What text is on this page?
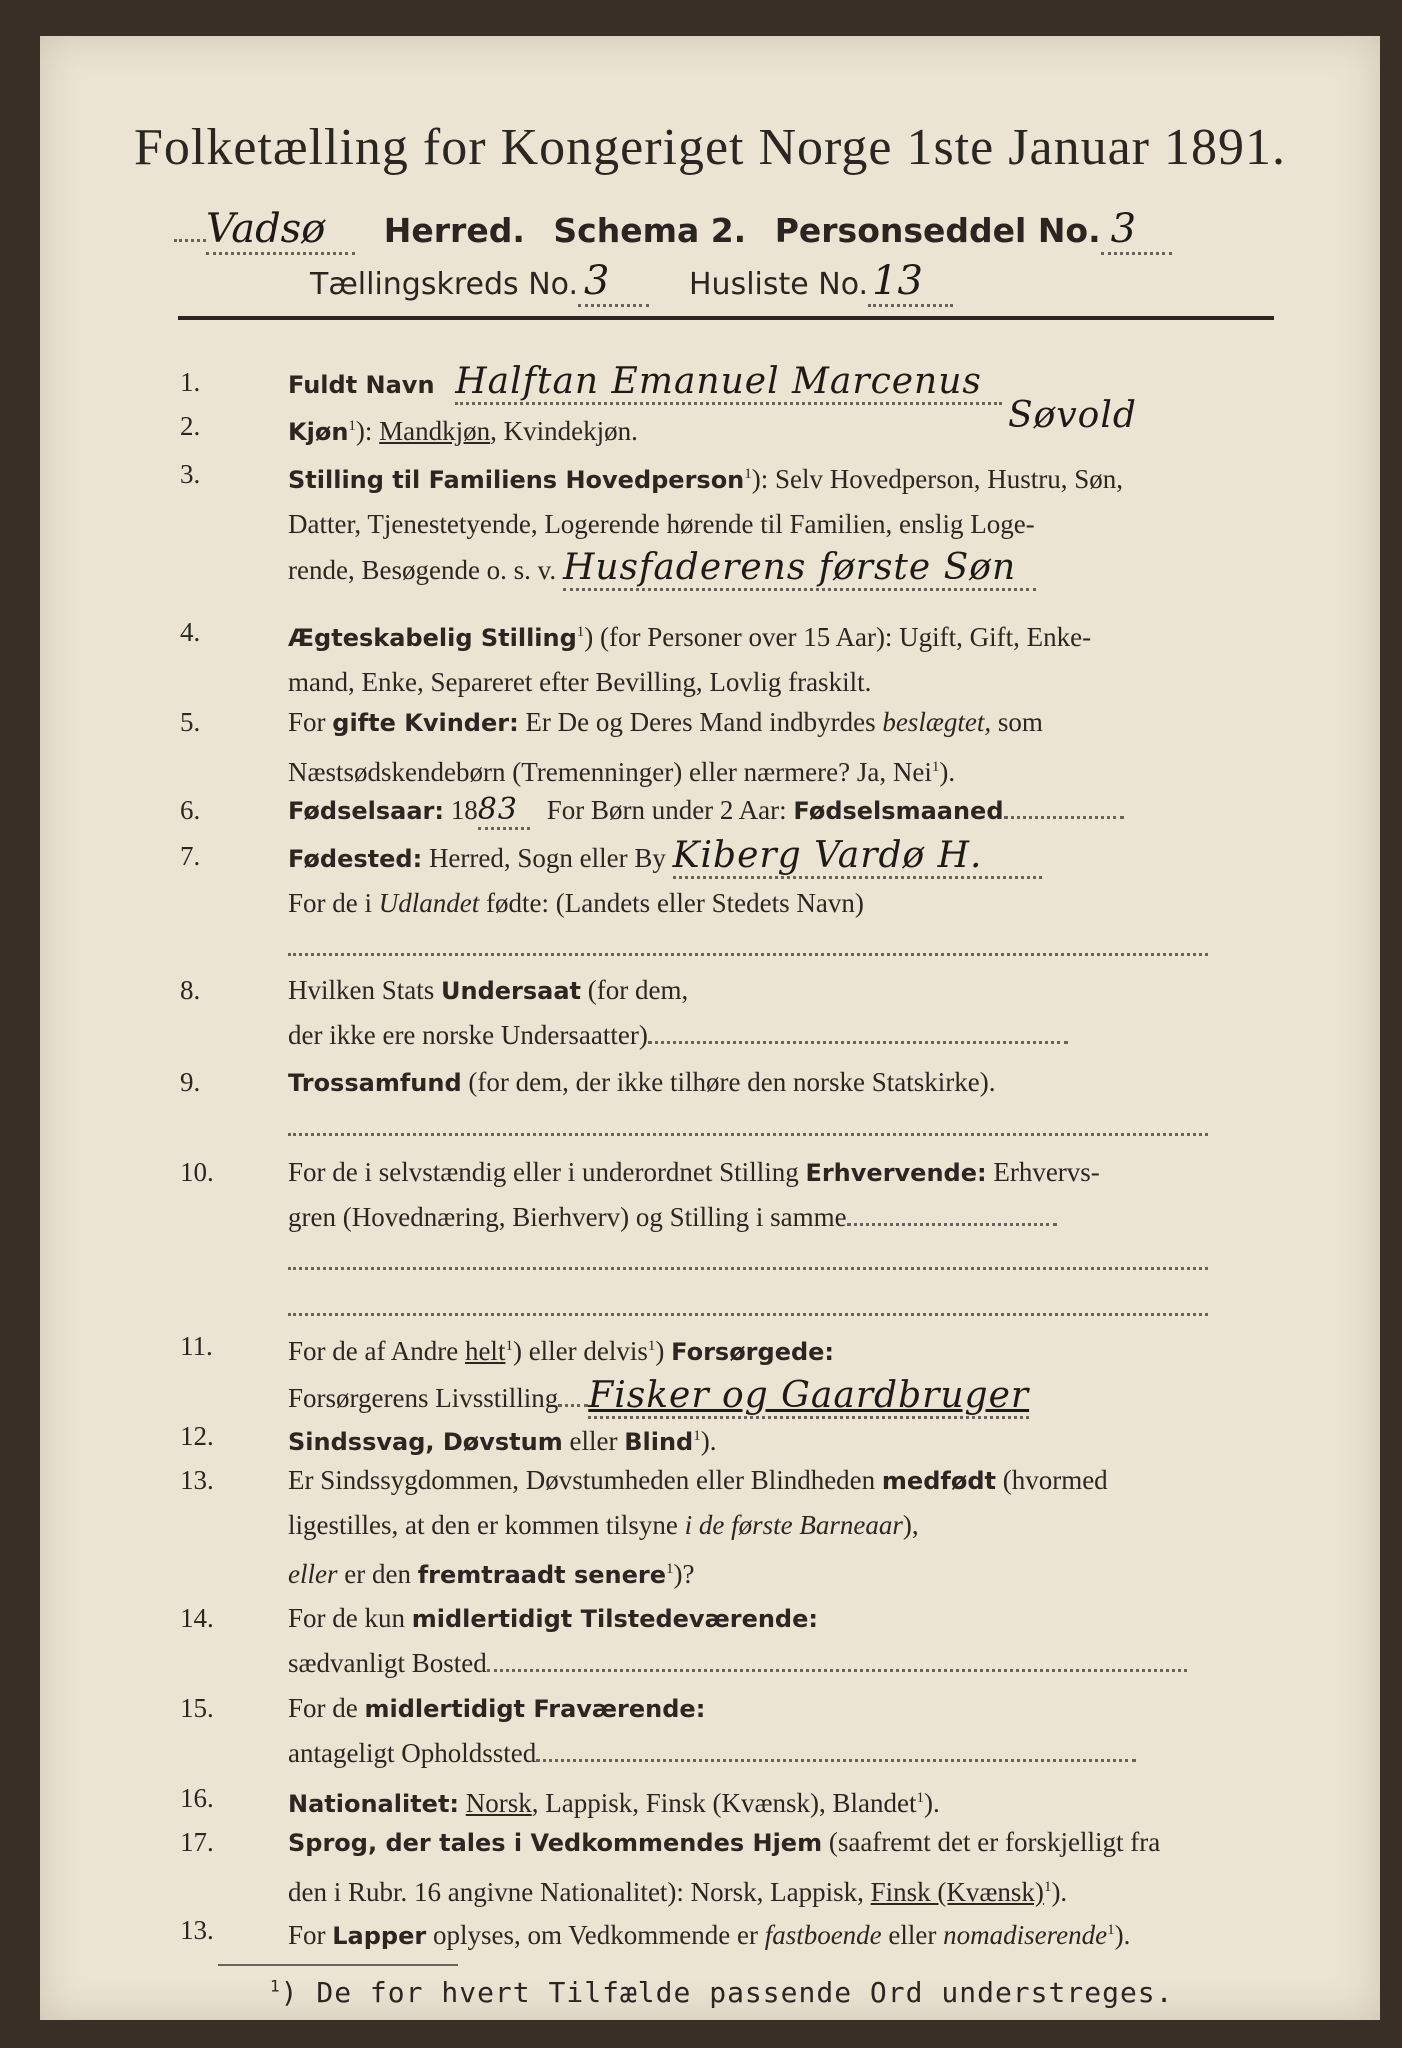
Folketælling for Kongeriget Norge 1ste Januar 1891.
Vadsø Herred. Schema 2. Personseddel No. 3
Tællingskreds No. 3	Husliste No. 13
1.	Fuldt Navn Halftan Emanuel Marcenus
2.	Kjøn$^1$): Mandkjøn, Kvindekjøn.	Søvold
3.	Stilling til Familiens Hovedperson$^1$): Selv Hovedperson, Hustru, Søn,
Datter, Tjenestetyende, Logerende hørende til Familien, enslig Loge-
rende, Besøgende o. s. v. Husfaderens første Søn
4.	Ægteskabelig Stilling$^1$) (for Personer over 15 Aar): Ugift, Gift, Enke-
mand, Enke, Separeret efter Bevilling, Lovlig fraskilt.
5.	For gifte Kvinder: Er De og Deres Mand indbyrdes beslægtet, som
Næstsødskendebørn (Tremenninger) eller nærmere? Ja, Nei$^1$).
6.	Fødselsaar: 1883 For Børn under 2 Aar: Fødselsmaaned
7.	Fødested: Herred, Sogn eller By Kiberg Vardø H.
For de i Udlandet fødte: (Landets eller Stedets Navn)
8.	Hvilken Stats Undersaat (for dem,
der ikke ere norske Undersaatter)
9.	Trossamfund (for dem, der ikke tilhøre den norske Statskirke).
10.	For de i selvstændig eller i underordnet Stilling Erhvervende: Erhvervs-
gren (Hovednæring, Bierhverv) og Stilling i samme

11.	For de af Andre helt$^1$) eller delvis$^1$) Forsørgede:
Forsørgerens Livsstilling Fisker og Gaardbruger
12.	Sindssvag, Døvstum eller Blind$^1$).
13.	Er Sindssygdommen, Døvstumheden eller Blindheden medfødt (hvormed
ligestilles, at den er kommen tilsyne i de første Barneaar),
eller er den fremtraadt senere$^1$)?
14.	For de kun midlertidigt Tilstedeværende:
sædvanligt Bosted
15.	For de midlertidigt Fraværende:
antageligt Opholdssted
16.	Nationalitet: Norsk, Lappisk, Finsk (Kvænsk), Blandet$^1$).
17.	Sprog, der tales i Vedkommendes Hjem (saafremt det er forskjelligt fra
den i Rubr. 16 angivne Nationalitet): Norsk, Lappisk, Finsk (Kvænsk)$^1$).
13.	For Lapper oplyses, om Vedkommende er fastboende eller nomadiserende$^1$).
$^1$) De for hvert Tilfælde passende Ord understreges.
